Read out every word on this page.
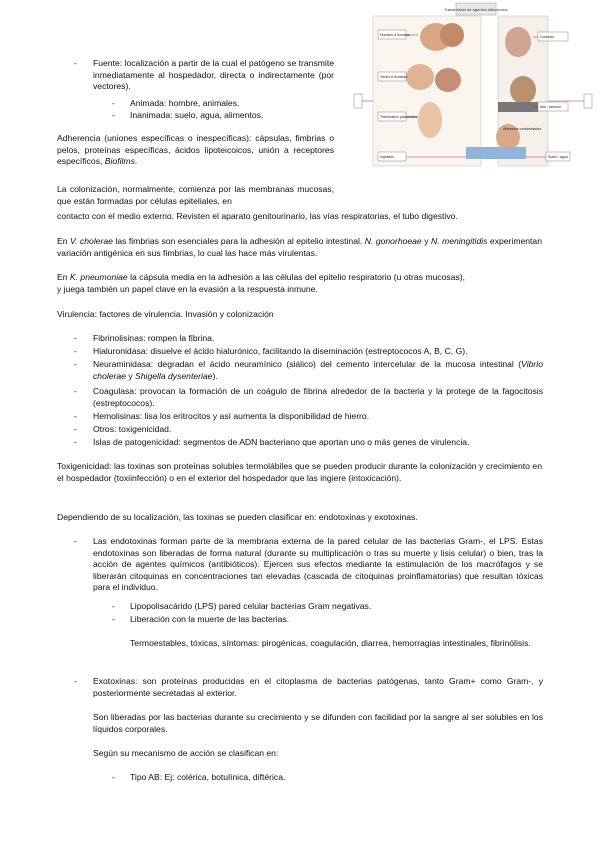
Transmisión de agentes infecciosos
Humano a humano
Vector a humano
Transmisión placentaria
Ingestión
Contacto
Aire / aerosol
Suelo / agua
Alimentos contaminados
- Fuente: localización a partir de la cual el patógeno se transmite inmediatamente al hospedador, directa o indirectamente (por vectores).
- Animada: hombre, animales.
- Inanimada: suelo, agua, alimentos.
Adherencia (uniones específicas o inespecíficas): cápsulas, fimbrias o pelos, proteínas específicas, ácidos lipoteicoicos, unión a receptores específicos, Biofilms.
La colonización, normalmente, comienza por las membranas mucosas, que están formadas por células epiteliales, en
contacto con el medio externo. Revisten el aparato genitourinario, las vías respiratorias, el tubo digestivo.
En V. cholerae las fimbrias son esenciales para la adhesión al epitelio intestinal. N. gonorhoeae y N. meningitidis experimentan variación antigénica en sus fimbrias, lo cual las hace más virulentas.
En K. pneumoniae la cápsula media en la adhesión a las células del epitelio respiratorio (u otras mucosas),
y juega también un papel clave en la evasión a la respuesta inmune.
Virulencia: factores de virulencia. Invasión y colonización
- Fibrinolisinas: rompen la fibrina.
- Hialuronidasa: disuelve el ácido hialurónico, facilitando la diseminación (estreptococos A, B, C, G).
- Neuraminidasa: degradan el ácido neuramínico (siálico) del cemento intercelular de la mucosa intestinal (Vibrio cholerae y Shigella dysenteriae).
- Coagulasa: provocan la formación de un coágulo de fibrina alrededor de la bacteria y la protege de la fagocitosis (estreptococos).
- Hemolisinas: lisa los eritrocitos y así aumenta la disponibilidad de hierro.
- Otros: toxigenicidad.
- Islas de patogenicidad: segmentos de ADN bacteriano que aportan uno o más genes de virulencia.
Toxigenicidad: las toxinas son proteínas solubles termolábiles que se pueden producir durante la colonización y crecimiento en el hospedador (toxiinfección) o en el exterior del hospedador que las ingiere (intoxicación).
Dependiendo de su localización, las toxinas se pueden clasificar en: endotoxinas y exotoxinas.
- Las endotoxinas forman parte de la membrana externa de la pared celular de las bacterias Gram-, el LPS. Estas endotoxinas son liberadas de forma natural (durante su multiplicación o tras su muerte y lisis celular) o bien, tras la acción de agentes químicos (antibióticos). Ejercen sus efectos mediante la estimulación de los macrófagos y se liberarán citoquinas en concentraciones tan elevadas (cascada de citoquinas proinflamatorias) que resultan tóxicas para el individuo.
- Lipopolisacárido (LPS) pared celular bacterias Gram negativas.
- Liberación con la muerte de las bacterias.
Termoestables, tóxicas, síntomas: pirogénicas, coagulación, diarrea, hemorragias intestinales, fibrinólisis.
- Exotoxinas: son proteínas producidas en el citoplasma de bacterias patógenas, tanto Gram+ como Gram-, y posteriormente secretadas al exterior.
Son liberadas por las bacterias durante su crecimiento y se difunden con facilidad por la sangre al ser solubles en los líquidos corporales.
Según su mecanismo de acción se clasifican en:
- Tipo AB: Ej: colérica, botulínica, diftérica.
